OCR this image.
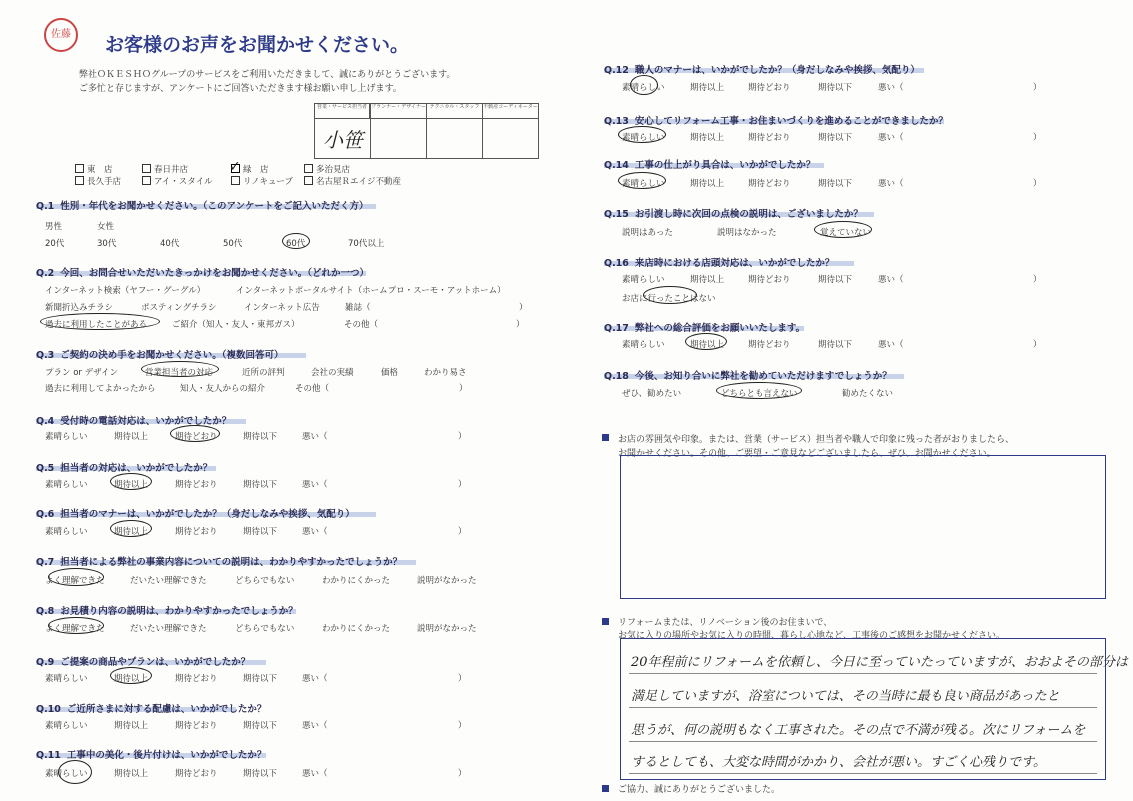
佐藤 お客様のお声をお聞かせください。
弊社ＯＫＥＳＨＯグループのサービスをご利用いただきまして、誠にありがとうございます。
ご多忙と存じますが、アンケートにご回答いただきます様お願い申し上げます。
営業・サービス担当者
小笹
プランナー・デザイナー テクニカル・スタッフ 不動産コーディネーター
東　店	春日井店	緑　店	多治見店
長久手店	アイ・スタイル	リノキューブ	名古屋Ｒエイジ不動産
✓
Q.1 性別・年代をお聞かせください。（このアンケートをご記入いただく方）
男性	女性
20代	30代	40代	50代	60代	70代以上
Q.2 今回、お問合せいただいたきっかけをお聞かせください。（どれか一つ）
インターネット検索（ヤフー・グーグル）	インターネットポータルサイト（ホームプロ・スーモ・アットホーム）
新聞折込みチラシ	ポスティングチラシ	インターネット広告	雑誌（	）
過去に利用したことがある	ご紹介（知人・友人・東邦ガス）	その他（	）
Q.3 ご契約の決め手をお聞かせください。（複数回答可）
プラン or デザイン	営業担当者の対応	近所の評判	会社の実績	価格	わかり易さ
過去に利用してよかったから	知人・友人からの紹介	その他（	）
Q.4 受付時の電話対応は、いかがでしたか？
素晴らしい	期待以上	期待どおり	期待以下	悪い（	）
Q.5 担当者の対応は、いかがでしたか？
素晴らしい	期待以上	期待どおり	期待以下	悪い（	）
Q.6 担当者のマナーは、いかがでしたか？（身だしなみや挨拶、気配り）
素晴らしい	期待以上	期待どおり	期待以下	悪い（	）
Q.7 担当者による弊社の事業内容についての説明は、わかりやすかったでしょうか？
よく理解できた	だいたい理解できた	どちらでもない	わかりにくかった	説明がなかった
Q.8 お見積り内容の説明は、わかりやすかったでしょうか？
よく理解できた	だいたい理解できた	どちらでもない	わかりにくかった	説明がなかった
Q.9 ご提案の商品やプランは、いかがでしたか？
素晴らしい	期待以上	期待どおり	期待以下	悪い（	）
Q.10 ご近所さまに対する配慮は、いかがでしたか？
素晴らしい	期待以上	期待どおり	期待以下	悪い（	）
Q.11 工事中の美化・後片付けは、いかがでしたか？
素晴らしい	期待以上	期待どおり	期待以下	悪い（	）
Q.12 職人のマナーは、いかがでしたか？（身だしなみや挨拶、気配り）
素晴らしい	期待以上	期待どおり	期待以下	悪い（	）
Q.13 安心してリフォーム工事・お住まいづくりを進めることができましたか？
素晴らしい	期待以上	期待どおり	期待以下	悪い（	）
Q.14 工事の仕上がり具合は、いかがでしたか？
素晴らしい	期待以上	期待どおり	期待以下	悪い（	）
Q.15 お引渡し時に次回の点検の説明は、ございましたか？
説明はあった	説明はなかった	覚えていない
Q.16 来店時における店頭対応は、いかがでしたか？
素晴らしい	期待以上	期待どおり	期待以下	悪い（	）
お店に行ったことはない
Q.17 弊社への総合評価をお願いいたします。
素晴らしい	期待以上	期待どおり	期待以下	悪い（	）
Q.18 今後、お知り合いに弊社を勧めていただけますでしょうか？
ぜひ、勧めたい	どちらとも言えない	勧めたくない
お店の雰囲気や印象。または、営業（サービス）担当者や職人で印象に残った者がおりましたら、
お聞かせください。その他、ご要望・ご意見などございましたら、ぜひ、お聞かせください。
リフォームまたは、リノベーション後のお住まいで、
お気に入りの場所やお気に入りの時間、暮らし心地など、工事後のご感想をお聞かせください。
20年程前にリフォームを依頼し、今日に至っていたっていますが、おおよその部分は
満足していますが、浴室については、その当時に最も良い商品があったと
思うが、何の説明もなく工事された。その点で不満が残る。次にリフォームを
するとしても、大変な時間がかかり、会社が悪い。すごく心残りです。
ご協力、誠にありがとうございました。
